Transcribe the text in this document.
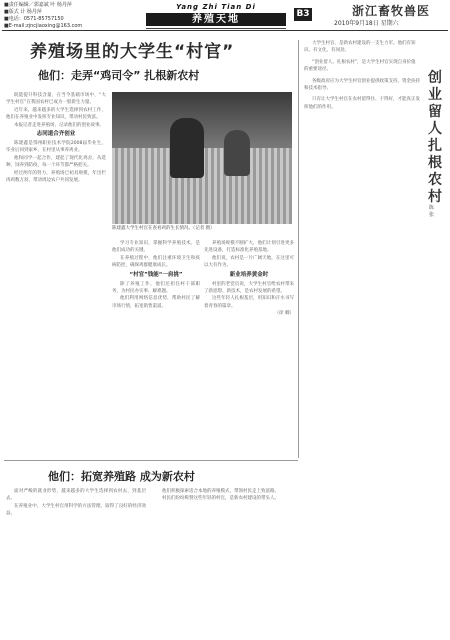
■责任编辑／郭嘉斌 叶 杨丹萍
■版式 计 杨丹萍
■电话：0571-85757150
■E-mail:zjncjiaoxing@163.com
Yang Zhi Tian Di
养殖天地	B3	浙江畜牧兽医
2010年9月18日 星期六
养殖场里的大学生“村官”
他们：走弄“鸡司令” 扎根新农村

既能提升科技含量，在当今基础市场中，“大学生村官”在我国农村已成为一股新生力量。

近年来，越来越多的大学生选择到农村工作，他们在养殖业中发挥专业知识，带动村民致富。

本报记者走进养殖场，记录他们的创业故事。

志同道合齐创业

陈建鑫是鄂州职业技术学院2008届毕业生，毕业后回到家乡，在村里从事养鸡业。

他和同学一起合作，建起了现代化鸡舍，从选种、饲养到防疫，每一个环节都严格把关。

经过两年的努力，养殖场已初具规模，年出栏肉鸡数万羽，带动周边农户共同发展。

陈建鑫大学生村官在查看鸡的生长情况。（记者 摄）

学习专业知识，掌握科学养殖技术，是他们成功的关键。

在养殖过程中，他们注重环境卫生和疫病防控，确保鸡群健康成长。

“村官”钱能“一肩挑”

除了养殖工作，他们还担任村干部职务，为村民办实事、解难题。

他们利用网络信息优势，帮助村民了解市场行情，拓宽销售渠道。

养殖场规模不断扩大，他们计划引进更多先进设备，打造标准化养殖基地。

他们说，农村是一片广阔天地，在这里可以大有作为。

新业培养黄金时

村里的老党员说，大学生村官给农村带来了新思想、新技术，是农村发展的希望。

这些年轻人扎根基层，用知识和汗水书写着青春的篇章。

（徐 卿）

大学生村官，是新农村建设的一支生力军。他们有知识、有文化、有闯劲。

“创业留人、扎根农村”，是大学生村官实现自身价值的重要途径。

各级政府应为大学生村官创业提供政策支持、资金扶持和技术指导。

只有让大学生村官在农村留得住、干得好，才能真正发挥他们的作用。

创业留人扎根农村
陈 张
他们：拓宽养殖路 成为新农村

面对严峻的就业形势，越来越多的大学生选择到农村去，到基层去。

在养殖业中，大学生村官用科学的方法管理，取得了良好的经济效益。

他们积极探索适合本地的养殖模式，带领村民走上致富路。

村民们纷纷称赞这些年轻的村官，是新农村建设的带头人。
